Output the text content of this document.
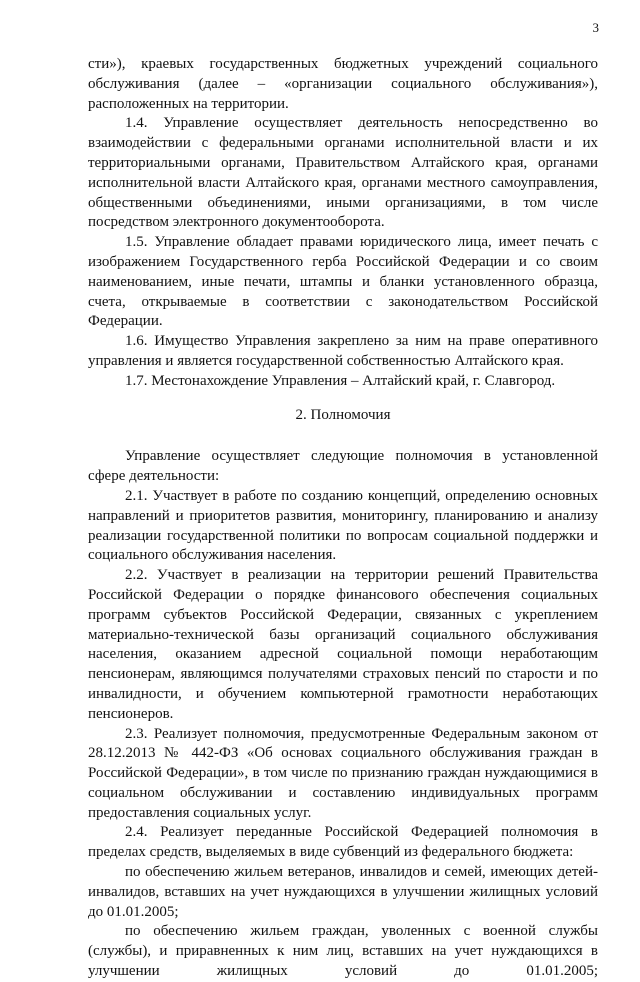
3

сти»), краевых государственных бюджетных учреждений социального обслуживания (далее – «организации социального обслуживания»), расположенных на территории.

1.4. Управление осуществляет деятельность непосредственно во взаимодействии с федеральными органами исполнительной власти и их территориальными органами, Правительством Алтайского края, органами исполнительной власти Алтайского края, органами местного самоуправления, общественными объединениями, иными организациями, в том числе посредством электронного документооборота.

1.5. Управление обладает правами юридического лица, имеет печать с изображением Государственного герба Российской Федерации и со своим наименованием, иные печати, штампы и бланки установленного образца, счета, открываемые в соответствии с законодательством Российской Федерации.

1.6. Имущество Управления закреплено за ним на праве оперативного управления и является государственной собственностью Алтайского края.

1.7. Местонахождение Управления – Алтайский край, г. Славгород.

2. Полномочия

Управление осуществляет следующие полномочия в установленной сфере деятельности:

2.1. Участвует в работе по созданию концепций, определению основных направлений и приоритетов развития, мониторингу, планированию и анализу реализации государственной политики по вопросам социальной поддержки и социального обслуживания населения.

2.2. Участвует в реализации на территории решений Правительства Российской Федерации о порядке финансового обеспечения социальных программ субъектов Российской Федерации, связанных с укреплением материально-технической базы организаций социального обслуживания населения, оказанием адресной социальной помощи неработающим пенсионерам, являющимся получателями страховых пенсий по старости и по инвалидности, и обучением компьютерной грамотности неработающих пенсионеров.

2.3. Реализует полномочия, предусмотренные Федеральным законом от 28.12.2013 № 442-ФЗ «Об основах социального обслуживания граждан в Российской Федерации», в том числе по признанию граждан нуждающимися в социальном обслуживании и составлению индивидуальных программ предоставления социальных услуг.

2.4. Реализует переданные Российской Федерацией полномочия в пределах средств, выделяемых в виде субвенций из федерального бюджета:

по обеспечению жильем ветеранов, инвалидов и семей, имеющих детей-инвалидов, вставших на учет нуждающихся в улучшении жилищных условий до 01.01.2005;

по обеспечению жильем граждан, уволенных с военной службы (службы), и приравненных к ним лиц, вставших на учет нуждающихся в улучшении жилищных условий до 01.01.2005;
